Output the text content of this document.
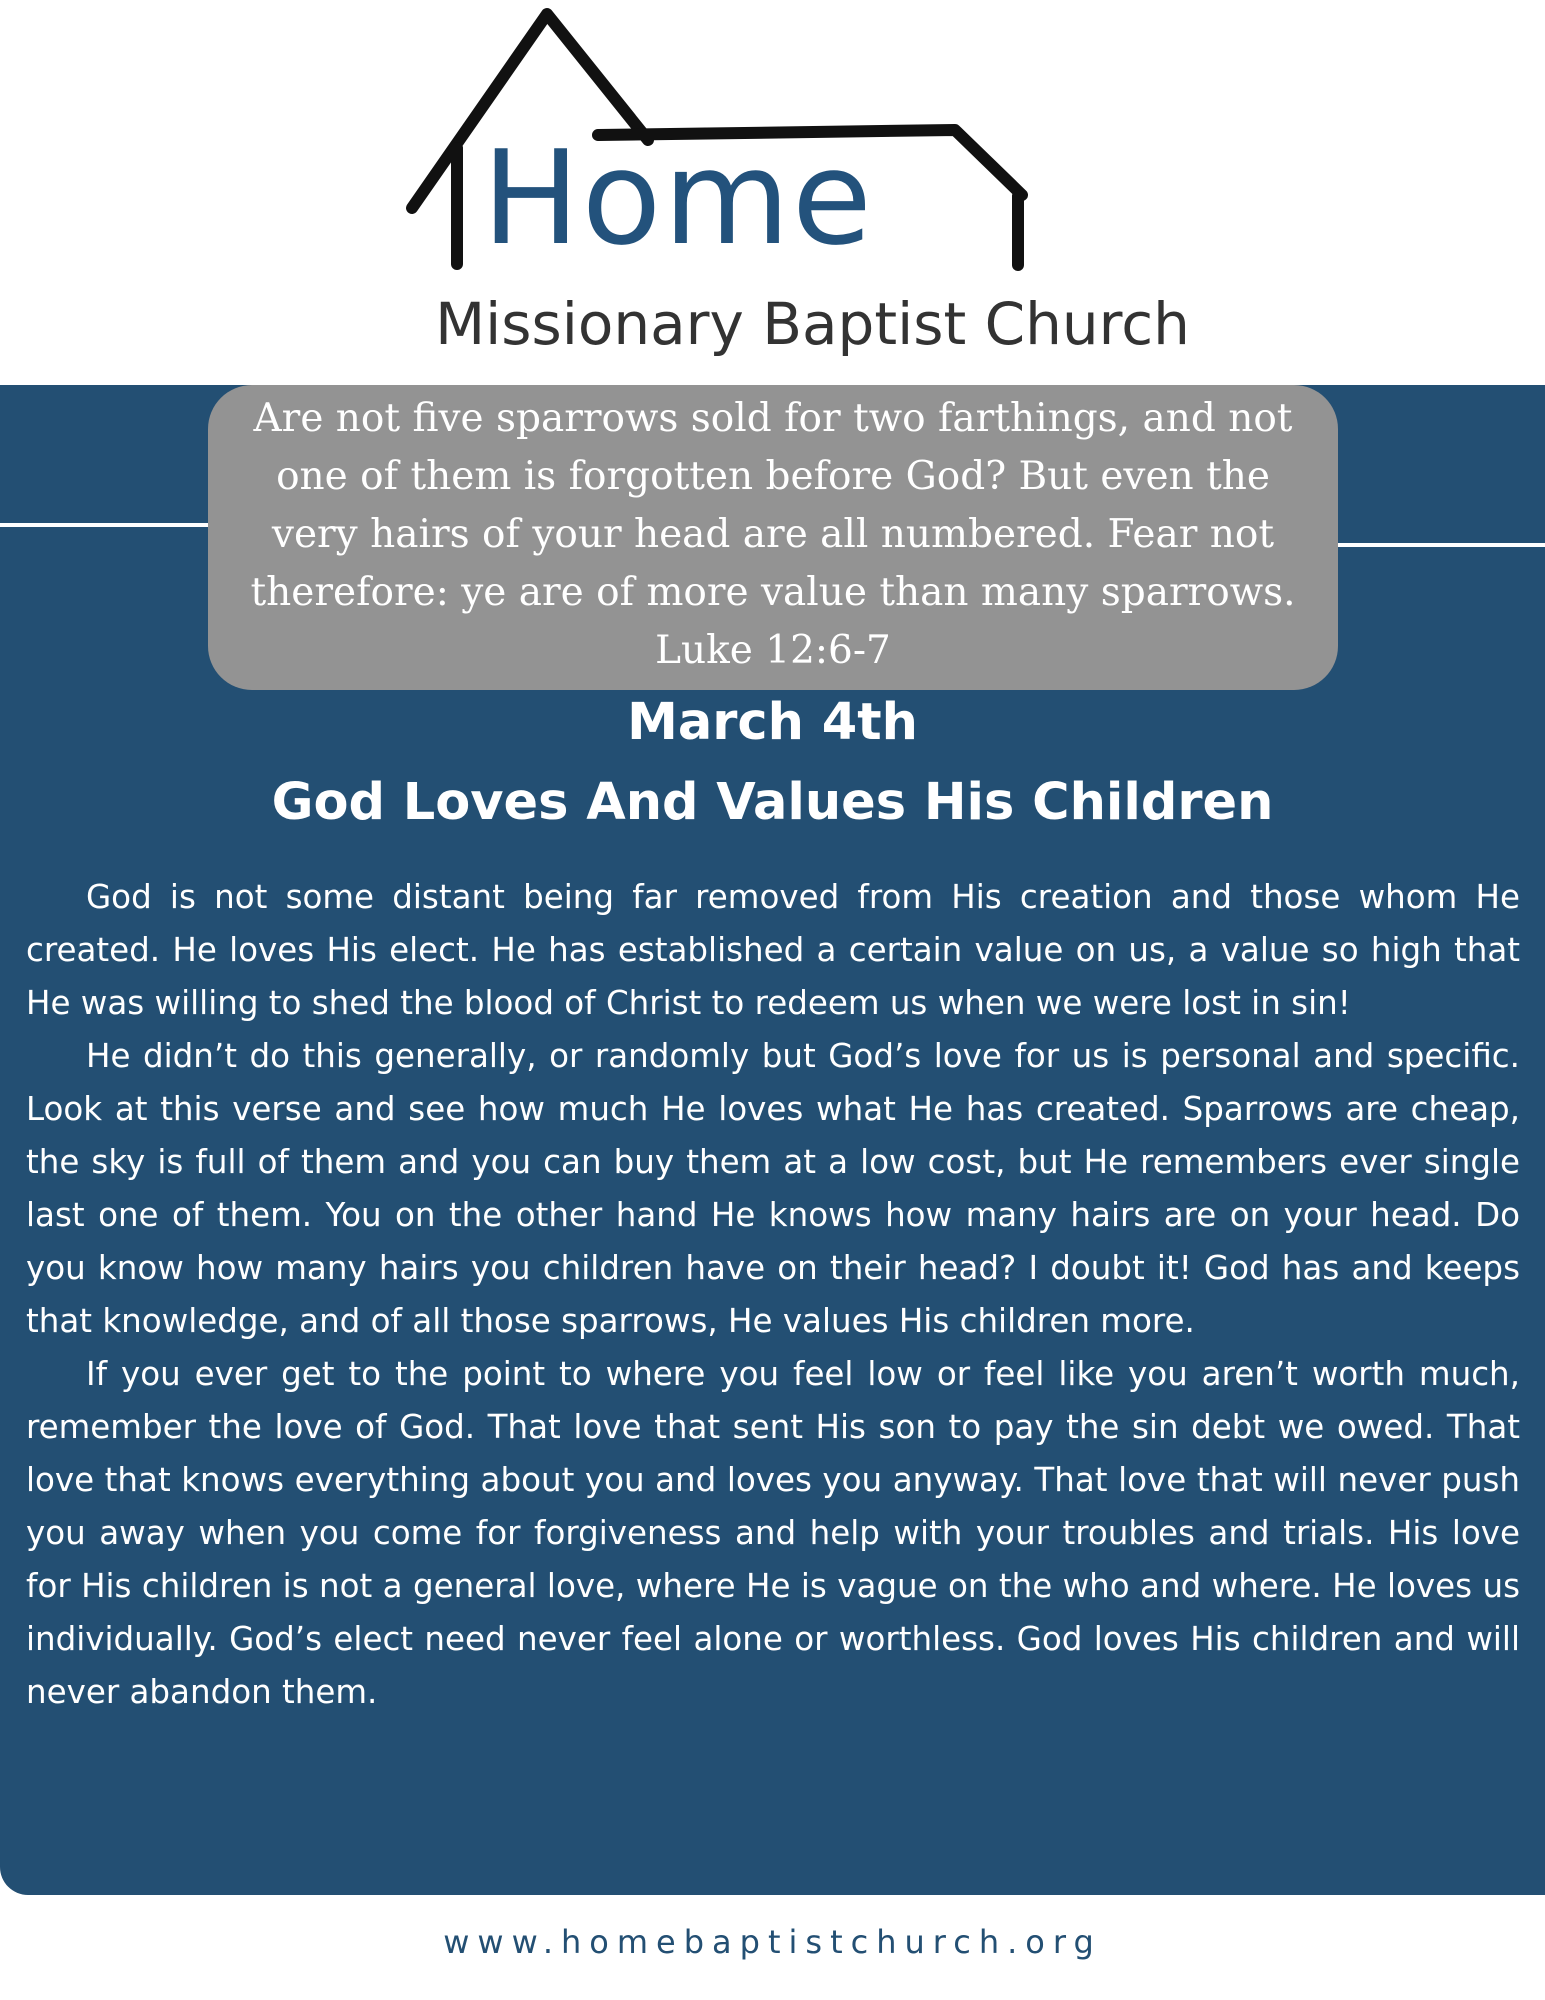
Home
Missionary Baptist Church
Are not five sparrows sold for two farthings, and not
one of them is forgotten before God? But even the
very hairs of your head are all numbered. Fear not
therefore: ye are of more value than many sparrows.
Luke 12:6-7
March 4th
God Loves And Values His Children

God is not some distant being far removed from His creation and those whom He created. He loves His elect. He has established a certain value on us, a value so high that He was willing to shed the blood of Christ to redeem us when we were lost in sin!

He didn’t do this generally, or randomly but God’s love for us is personal and specific. Look at this verse and see how much He loves what He has created. Sparrows are cheap, the sky is full of them and you can buy them at a low cost, but He remembers ever single last one of them. You on the other hand He knows how many hairs are on your head. Do you know how many hairs you children have on their head? I doubt it! God has and keeps that knowledge, and of all those sparrows, He values His children more.

If you ever get to the point to where you feel low or feel like you aren’t worth much, remember the love of God. That love that sent His son to pay the sin debt we owed. That love that knows everything about you and loves you anyway. That love that will never push you away when you come for forgiveness and help with your troubles and trials. His love for His children is not a general love, where He is vague on the who and where. He loves us individually. God’s elect need never feel alone or worthless. God loves His children and will never abandon them.

www.homebaptistchurch.org
